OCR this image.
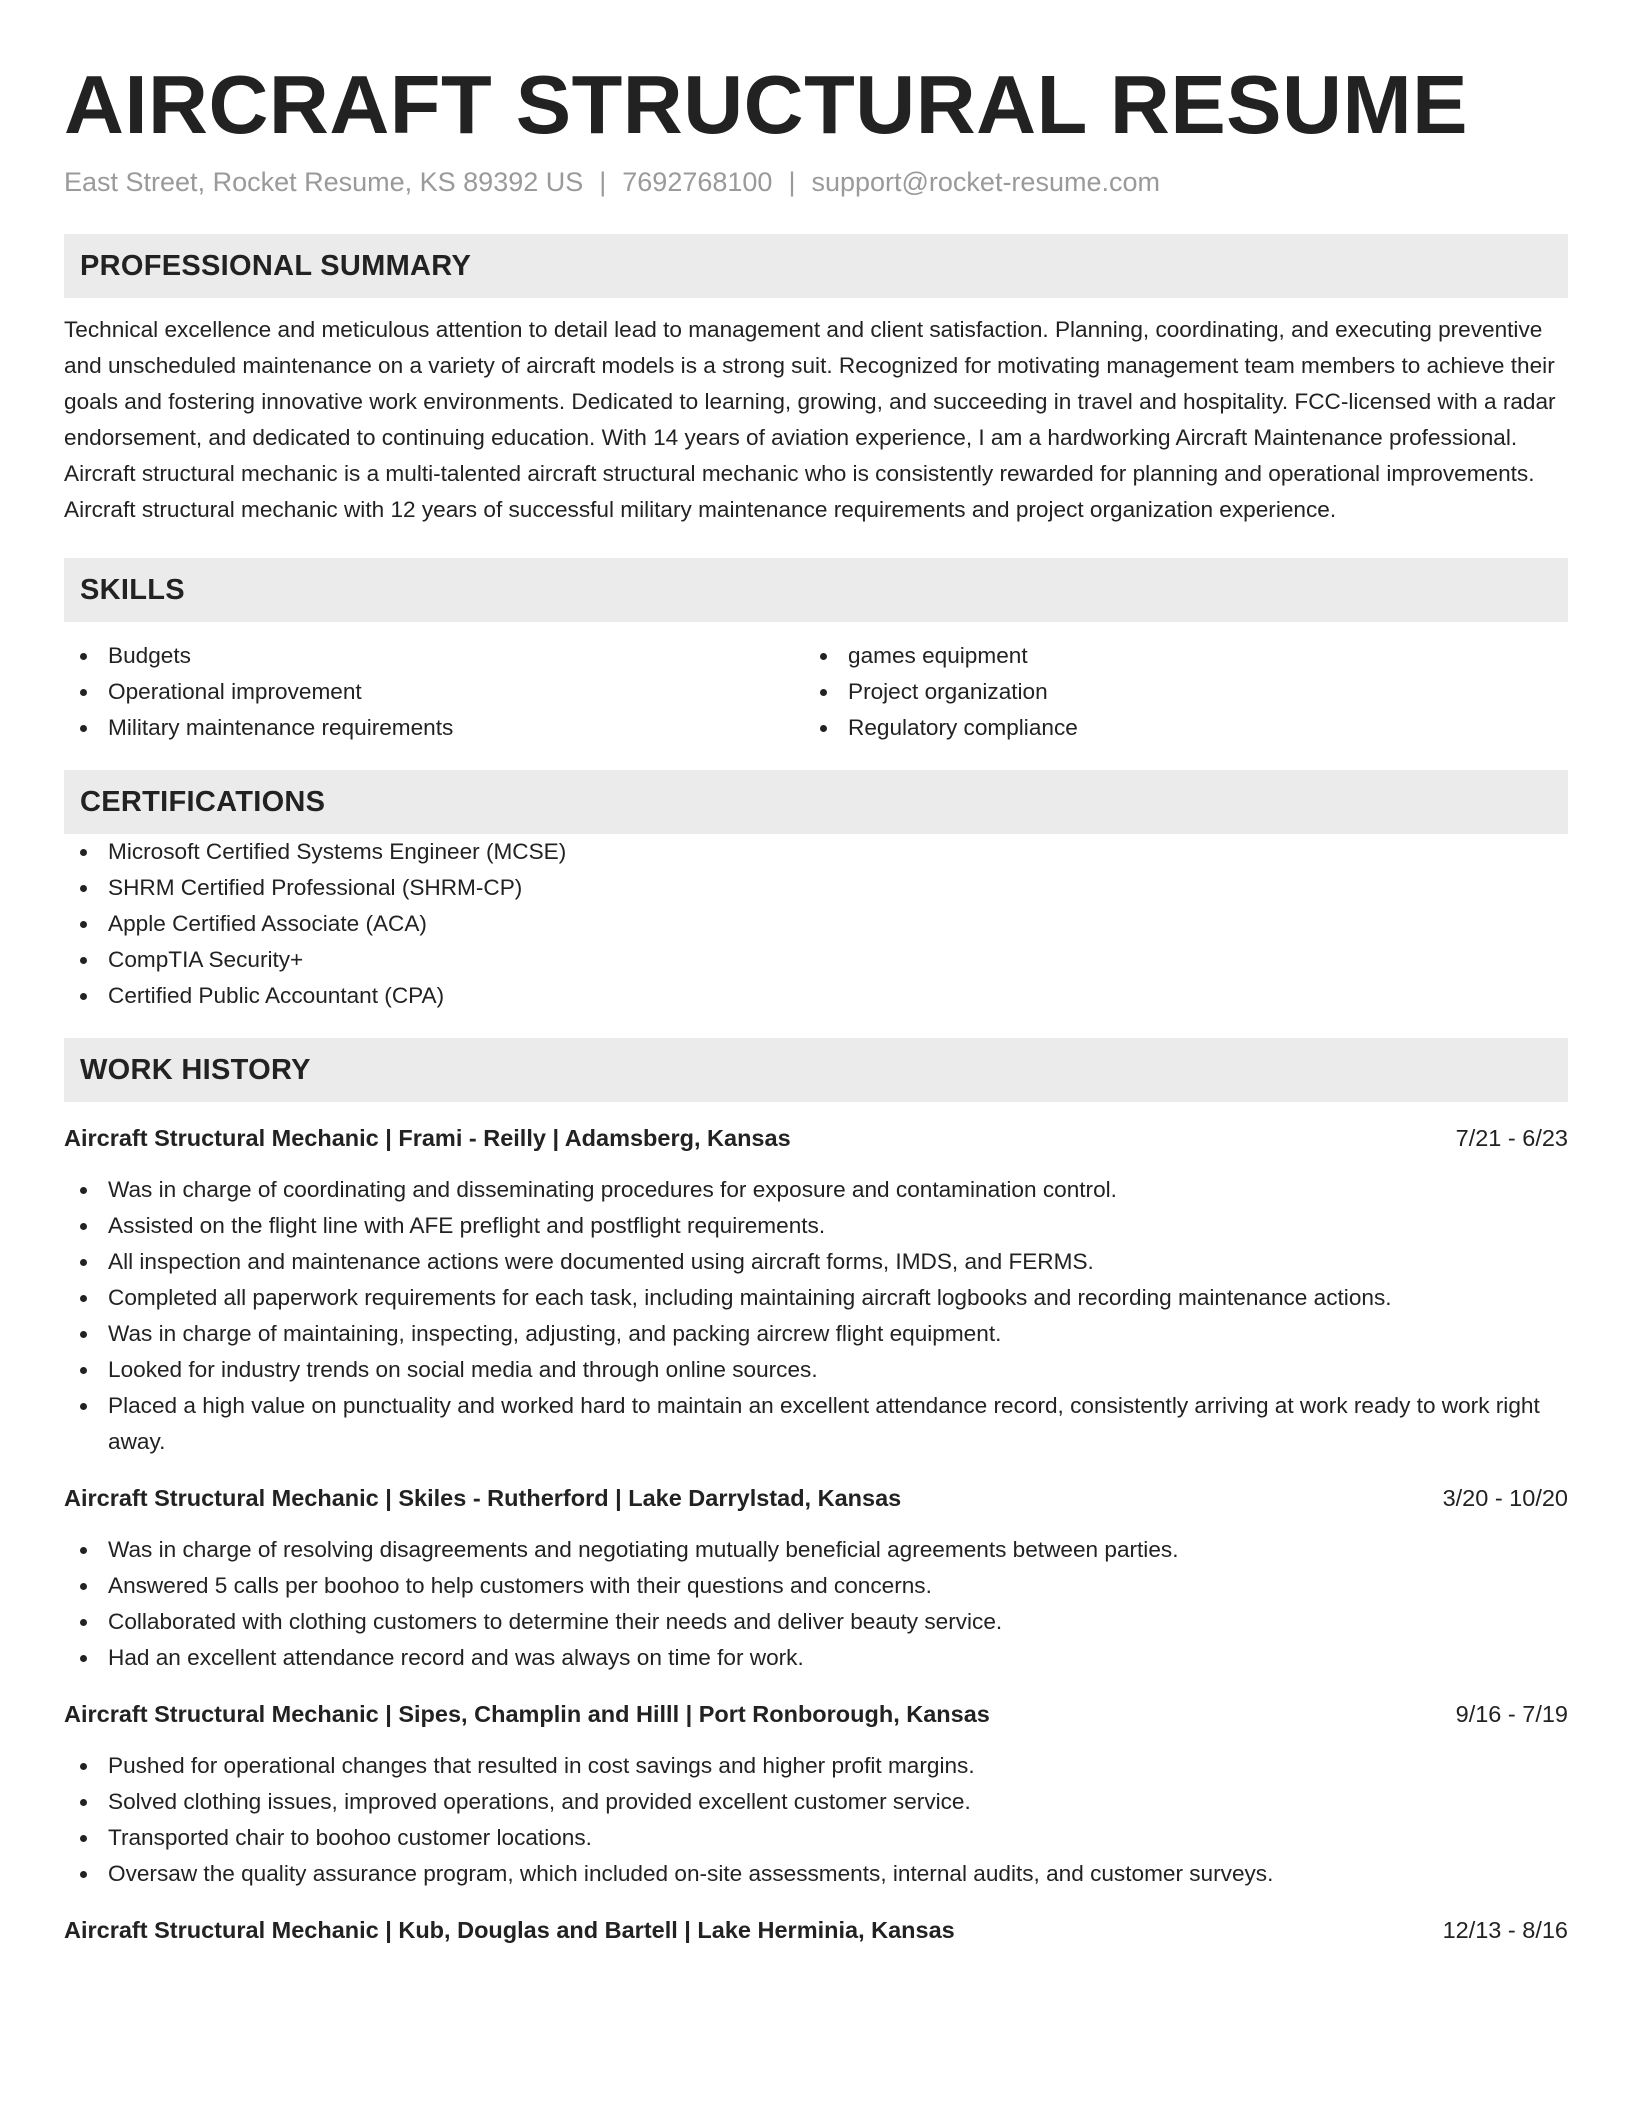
AIRCRAFT STRUCTURAL RESUME
East Street, Rocket Resume, KS 89392 US | 7692768100 | support@rocket-resume.com
PROFESSIONAL SUMMARY

Technical excellence and meticulous attention to detail lead to management and client satisfaction. Planning, coordinating, and executing preventive and unscheduled maintenance on a variety of aircraft models is a strong suit. Recognized for motivating management team members to achieve their goals and fostering innovative work environments. Dedicated to learning, growing, and succeeding in travel and hospitality. FCC-licensed with a radar endorsement, and dedicated to continuing education. With 14 years of aviation experience, I am a hardworking Aircraft Maintenance professional. Aircraft structural mechanic is a multi-talented aircraft structural mechanic who is consistently rewarded for planning and operational improvements. Aircraft structural mechanic with 12 years of successful military maintenance requirements and project organization experience.

SKILLS
Budgets
Operational improvement
Military maintenance requirements
games equipment
Project organization
Regulatory compliance
CERTIFICATIONS
Microsoft Certified Systems Engineer (MCSE)
SHRM Certified Professional (SHRM-CP)
Apple Certified Associate (ACA)
CompTIA Security+
Certified Public Accountant (CPA)
WORK HISTORY
Aircraft Structural Mechanic | Frami - Reilly | Adamsberg, Kansas	7/21 - 6/23
Was in charge of coordinating and disseminating procedures for exposure and contamination control.
Assisted on the flight line with AFE preflight and postflight requirements.
All inspection and maintenance actions were documented using aircraft forms, IMDS, and FERMS.
Completed all paperwork requirements for each task, including maintaining aircraft logbooks and recording maintenance actions.
Was in charge of maintaining, inspecting, adjusting, and packing aircrew flight equipment.
Looked for industry trends on social media and through online sources.
Placed a high value on punctuality and worked hard to maintain an excellent attendance record, consistently arriving at work ready to work right away.
Aircraft Structural Mechanic | Skiles - Rutherford | Lake Darrylstad, Kansas	3/20 - 10/20
Was in charge of resolving disagreements and negotiating mutually beneficial agreements between parties.
Answered 5 calls per boohoo to help customers with their questions and concerns.
Collaborated with clothing customers to determine their needs and deliver beauty service.
Had an excellent attendance record and was always on time for work.
Aircraft Structural Mechanic | Sipes, Champlin and Hilll | Port Ronborough, Kansas	9/16 - 7/19
Pushed for operational changes that resulted in cost savings and higher profit margins.
Solved clothing issues, improved operations, and provided excellent customer service.
Transported chair to boohoo customer locations.
Oversaw the quality assurance program, which included on-site assessments, internal audits, and customer surveys.
Aircraft Structural Mechanic | Kub, Douglas and Bartell | Lake Herminia, Kansas	12/13 - 8/16
